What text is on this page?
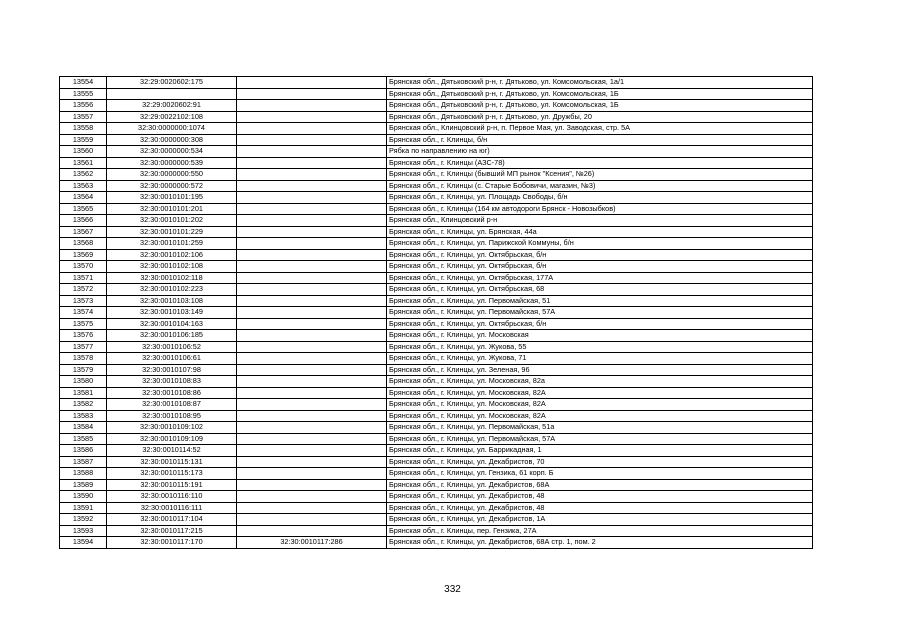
13554	32:29:0020602:175		Брянская обл., Дятьковский р-н, г. Дятьково, ул. Комсомольская, 1а/1
13555			Брянская обл., Дятьковский р-н, г. Дятьково, ул. Комсомольская, 1Б
13556	32:29:0020602:91		Брянская обл., Дятьковский р-н, г. Дятьково, ул. Комсомольская, 1Б
13557	32:29:0022102:108		Брянская обл., Дятьковский р-н, г. Дятьково, ул. Дружбы, 20
13558	32:30:0000000:1074		Брянская обл., Клинцовский р-н, п. Первое Мая, ул. Заводская, стр. 5А
13559	32:30:0000000:308		Брянская обл., г. Клинцы, б/н
13560	32:30:0000000:534		Рябка по направлению на юг)
13561	32:30:0000000:539		Брянская обл., г. Клинцы (АЗС-78)
13562	32:30:0000000:550		Брянская обл., г. Клинцы (бывший МП рынок "Ксения", №26)
13563	32:30:0000000:572		Брянская обл., г. Клинцы (с. Старые Бобовичи, магазин, №3)
13564	32:30:0010101:195		Брянская обл., г. Клинцы, ул. Площадь Свободы, б/н
13565	32:30:0010101:201		Брянская обл., г. Клинцы (164 км автодороги Брянск - Новозыбков)
13566	32:30:0010101:202		Брянская обл., Клинцовский р-н
13567	32:30:0010101:229		Брянская обл., г. Клинцы, ул. Брянская, 44а
13568	32:30:0010101:259		Брянская обл., г. Клинцы, ул. Парижской Коммуны, б/н
13569	32:30:0010102:106		Брянская обл., г. Клинцы, ул. Октябрьская, б/н
13570	32:30:0010102:108		Брянская обл., г. Клинцы, ул. Октябрьская, б/н
13571	32:30:0010102:118		Брянская обл., г. Клинцы, ул. Октябрьская, 177А
13572	32:30:0010102:223		Брянская обл., г. Клинцы, ул. Октябрьская, 68
13573	32:30:0010103:108		Брянская обл., г. Клинцы, ул. Первомайская, 51
13574	32:30:0010103:149		Брянская обл., г. Клинцы, ул. Первомайская, 57А
13575	32:30:0010104:163		Брянская обл., г. Клинцы, ул. Октябрьская, б/н
13576	32:30:0010106:185		Брянская обл., г. Клинцы, ул. Московская
13577	32:30:0010106:52		Брянская обл., г. Клинцы, ул. Жукова, 55
13578	32:30:0010106:61		Брянская обл., г. Клинцы, ул. Жукова, 71
13579	32:30:0010107:98		Брянская обл., г. Клинцы, ул. Зеленая, 96
13580	32:30:0010108:83		Брянская обл., г. Клинцы, ул. Московская, 82а
13581	32:30:0010108:86		Брянская обл., г. Клинцы, ул. Московская, 82А
13582	32:30:0010108:87		Брянская обл., г. Клинцы, ул. Московская, 82А
13583	32:30:0010108:95		Брянская обл., г. Клинцы, ул. Московская, 82А
13584	32:30:0010109:102		Брянская обл., г. Клинцы, ул. Первомайская, 51а
13585	32:30:0010109:109		Брянская обл., г. Клинцы, ул. Первомайская, 57А
13586	32:30:0010114:52		Брянская обл., г. Клинцы, ул. Баррикадная, 1
13587	32:30:0010115:131		Брянская обл., г. Клинцы, ул. Декабристов, 70
13588	32:30:0010115:173		Брянская обл., г. Клинцы, ул. Гензика, 61 корп. Б
13589	32:30:0010115:191		Брянская обл., г. Клинцы, ул. Декабристов, 68А
13590	32:30:0010116:110		Брянская обл., г. Клинцы, ул. Декабристов, 48
13591	32:30:0010116:111		Брянская обл., г. Клинцы, ул. Декабристов, 48
13592	32:30:0010117:104		Брянская обл., г. Клинцы, ул. Декабристов, 1А
13593	32:30:0010117:215		Брянская обл., г. Клинцы, пер. Гензика, 27А
13594	32:30:0010117:170	32:30:0010117:286	Брянская обл., г. Клинцы, ул. Декабристов, 68А стр. 1, пом. 2
332
